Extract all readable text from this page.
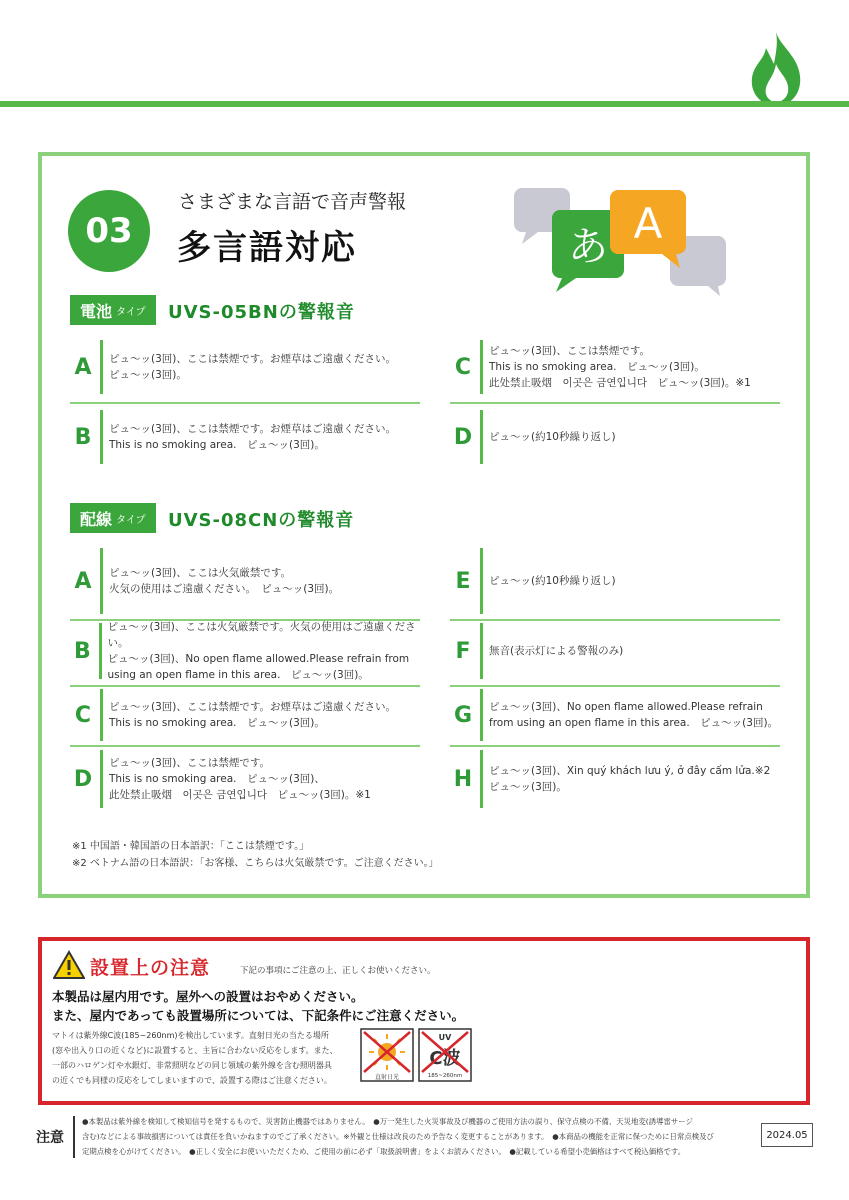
03
さまざまな言語で音声警報
多言語対応	あ A
電池 タイプ UVS-05BNの警報音
A	ピュ〜ッ(3回)、ここは禁煙です。お煙草はご遠慮ください。
ピュ〜ッ(3回)。
B	ピュ〜ッ(3回)、ここは禁煙です。お煙草はご遠慮ください。
This is no smoking area.　ピュ〜ッ(3回)。
C
ピュ〜ッ(3回)、ここは禁煙です。
This is no smoking area.　ピュ〜ッ(3回)。
此处禁止吸烟　이곳은 금연입니다　ピュ〜ッ(3回)。※1
D	ピュ〜ッ(約10秒繰り返し)
配線 タイプ UVS-08CNの警報音
A	ピュ〜ッ(3回)、ここは火気厳禁です。
火気の使用はご遠慮ください。　ピュ〜ッ(3回)。
B
ピュ〜ッ(3回)、ここは火気厳禁です。火気の使用はご遠慮ください。
ピュ〜ッ(3回)、No open flame allowed.Please refrain from
using an open flame in this area.　ピュ〜ッ(3回)。
C	ピュ〜ッ(3回)、ここは禁煙です。お煙草はご遠慮ください。
This is no smoking area.　ピュ〜ッ(3回)。
D
ピュ〜ッ(3回)、ここは禁煙です。
This is no smoking area.　ピュ〜ッ(3回)、
此处禁止吸烟　이곳은 금연입니다　ピュ〜ッ(3回)。※1
E	ピュ〜ッ(約10秒繰り返し)
F	無音(表示灯による警報のみ)
G	ピュ〜ッ(3回)、No open flame allowed.Please refrain
from using an open flame in this area.　ピュ〜ッ(3回)。
H	ピュ〜ッ(3回)、Xin quý khách lưu ý, ở đây cấm lửa.※2
ピュ〜ッ(3回)。
※1 中国語・韓国語の日本語訳：「ここは禁煙です。」
※2 ベトナム語の日本語訳：「お客様、こちらは火気厳禁です。ご注意ください。」
設置上の注意	下記の事項にご注意の上、正しくお使いください。
本製品は屋内用です。屋外への設置はおやめください。
また、屋内であっても設置場所については、下記条件にご注意ください。
マトイは紫外線C波(185~260nm)を検出しています。直射日光の当たる場所
(窓や出入り口の近くなど)に設置すると、主旨に合わない反応をします。また、
一部のハロゲン灯や水銀灯、非常照明などの同じ領域の紫外線を含む照明器具
の近くでも同様の反応をしてしまいますので、設置する際はご注意ください。	直射日光
UV
C波
185~260nm
注意
●本製品は紫外線を検知して検知信号を発するもので、災害防止機器ではありません。　●万一発生した火災事故及び機器のご使用方法の誤り、保守点検の不備、天災地変(誘導雷サージ
含む)などによる事故損害については責任を負いかねますのでご了承ください。※外観と仕様は改良のため予告なく変更することがあります。　●本商品の機能を正常に保つために日常点検及び
定期点検を心がけてください。　●正しく安全にお使いいただくため、ご使用の前に必ず「取扱説明書」をよくお読みください。　●記載している希望小売価格はすべて税込価格です。
2024.05
